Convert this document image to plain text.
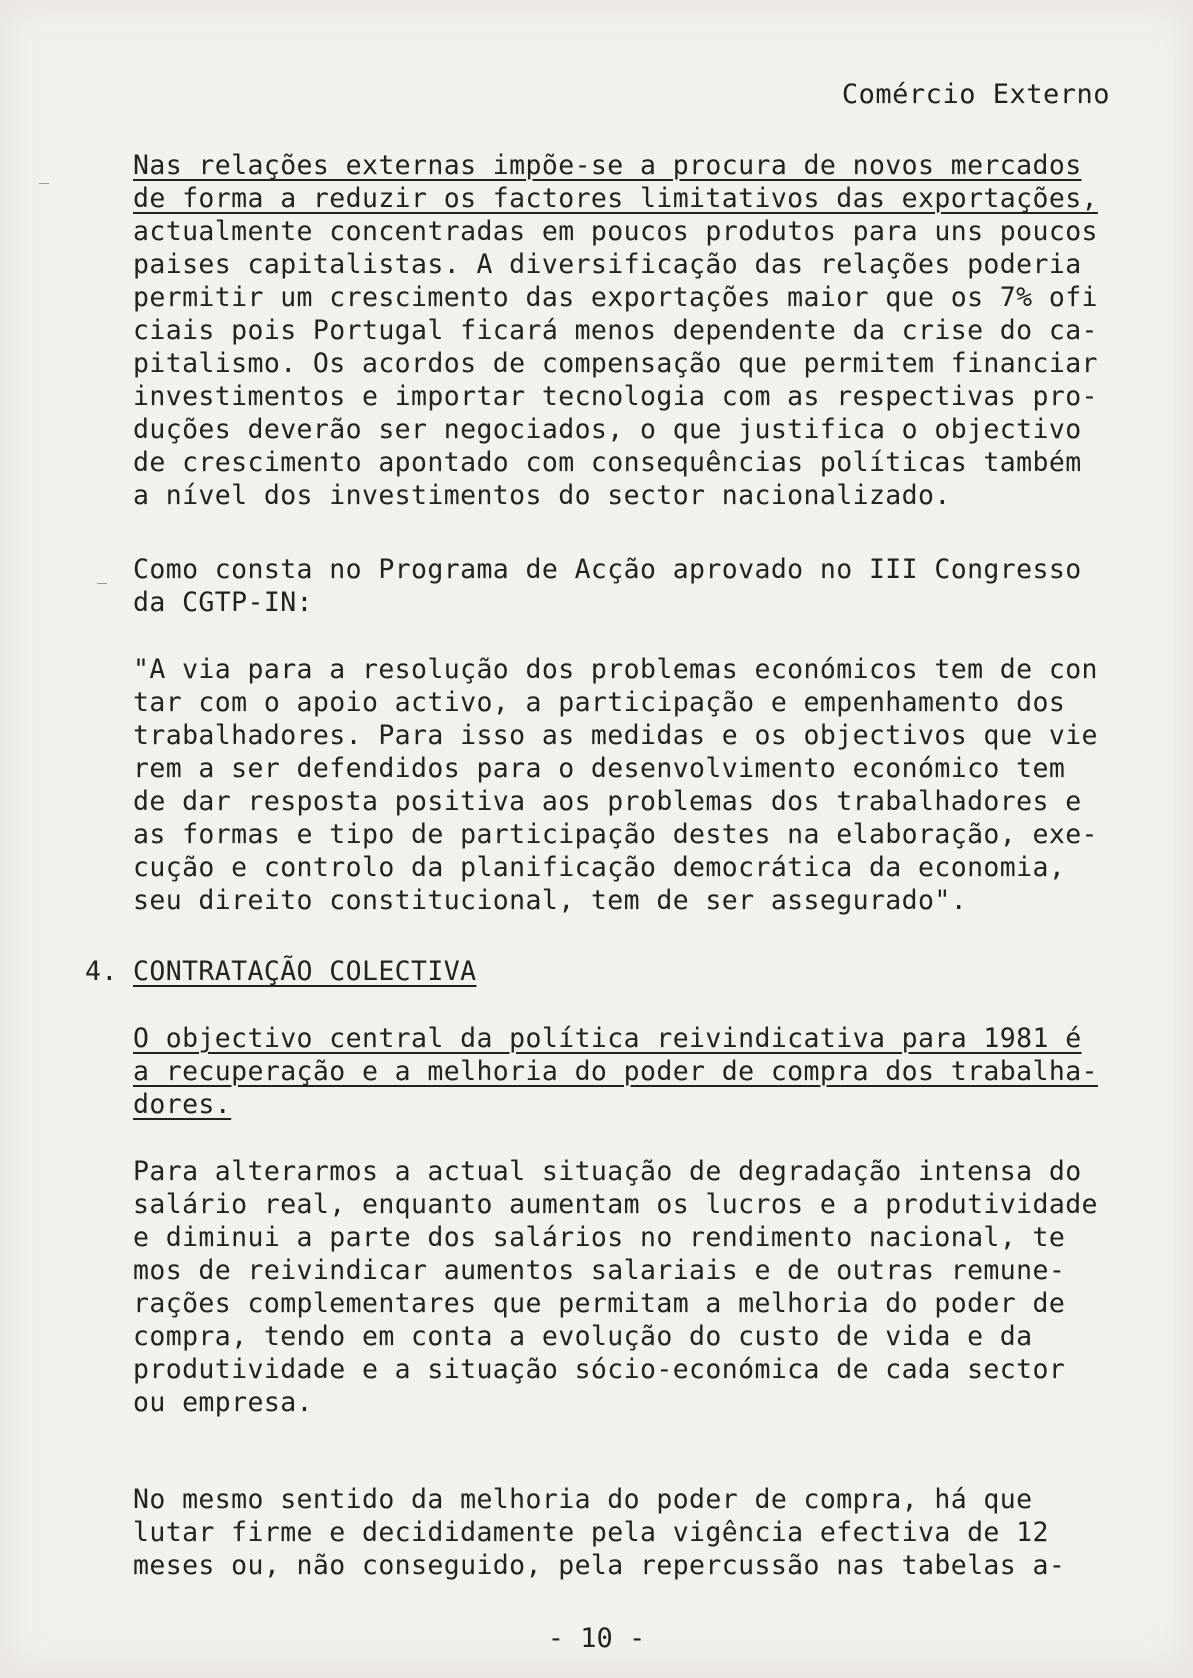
Comércio Externo

Nas relações externas impõe-se a procura de novos mercados

de forma a reduzir os factores limitativos das exportações,

actualmente concentradas em poucos produtos para uns poucos

paises capitalistas. A diversificação das relações poderia

permitir um crescimento das exportações maior que os 7% ofi

ciais pois Portugal ficará menos dependente da crise do ca-

pitalismo. Os acordos de compensação que permitem financiar

investimentos e importar tecnologia com as respectivas pro-

duções deverão ser negociados, o que justifica o objectivo

de crescimento apontado com consequências políticas também

a nível dos investimentos do sector nacionalizado.

Como consta no Programa de Acção aprovado no III Congresso

da CGTP-IN:

"A via para a resolução dos problemas económicos tem de con

tar com o apoio activo, a participação e empenhamento dos

trabalhadores. Para isso as medidas e os objectivos que vie

rem a ser defendidos para o desenvolvimento económico tem

de dar resposta positiva aos problemas dos trabalhadores e

as formas e tipo de participação destes na elaboração, exe-

cução e controlo da planificação democrática da economia,

seu direito constitucional, tem de ser assegurado".

4. CONTRATAÇÃO COLECTIVA

O objectivo central da política reivindicativa para 1981 é

a recuperação e a melhoria do poder de compra dos trabalha-

dores.

Para alterarmos a actual situação de degradação intensa do

salário real, enquanto aumentam os lucros e a produtividade

e diminui a parte dos salários no rendimento nacional, te

mos de reivindicar aumentos salariais e de outras remune-

rações complementares que permitam a melhoria do poder de

compra, tendo em conta a evolução do custo de vida e da

produtividade e a situação sócio-económica de cada sector

ou empresa.

No mesmo sentido da melhoria do poder de compra, há que

lutar firme e decididamente pela vigência efectiva de 12

meses ou, não conseguido, pela repercussão nas tabelas a-

- 10 -
